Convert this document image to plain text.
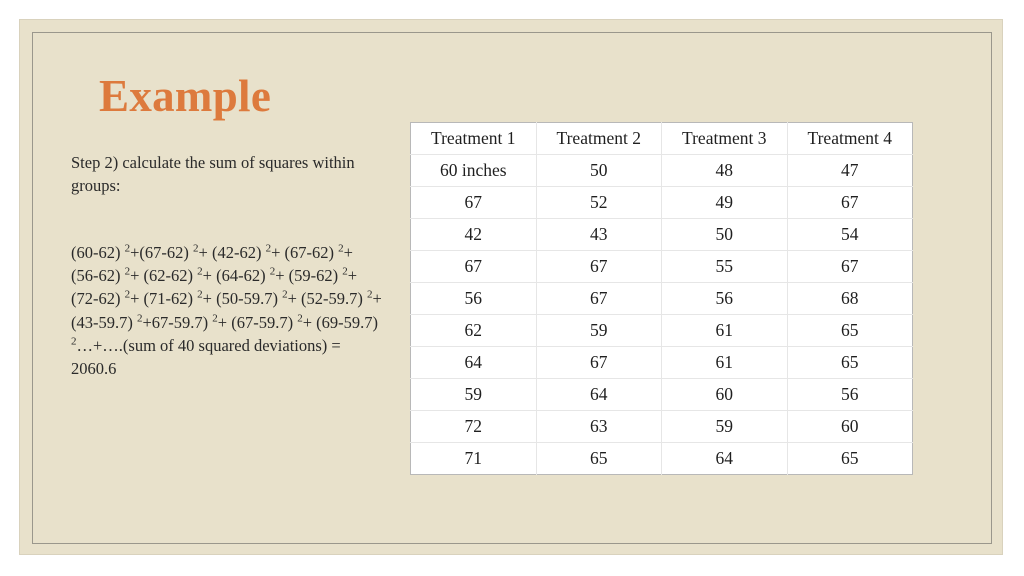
Example
Step 2) calculate the sum of squares within groups:
(60-62) $^2$+(67-62) $^2$+ (42-62) $^2$+ (67-62) $^2$+ (56-62) $^2$+ (62-62) $^2$+ (64-62) $^2$+ (59-62) $^2$+ (72-62) $^2$+ (71-62) $^2$+ (50-59.7) $^2$+ (52-59.7) $^2$+ (43-59.7) $^2$+67-59.7) $^2$+ (67-59.7) $^2$+ (69-59.7) $^2$…+….(sum of 40 squared deviations) = 2060.6
Treatment 1	Treatment 2	Treatment 3	Treatment 4
60 inches	50	48	47
67	52	49	67
42	43	50	54
67	67	55	67
56	67	56	68
62	59	61	65
64	67	61	65
59	64	60	56
72	63	59	60
71	65	64	65
